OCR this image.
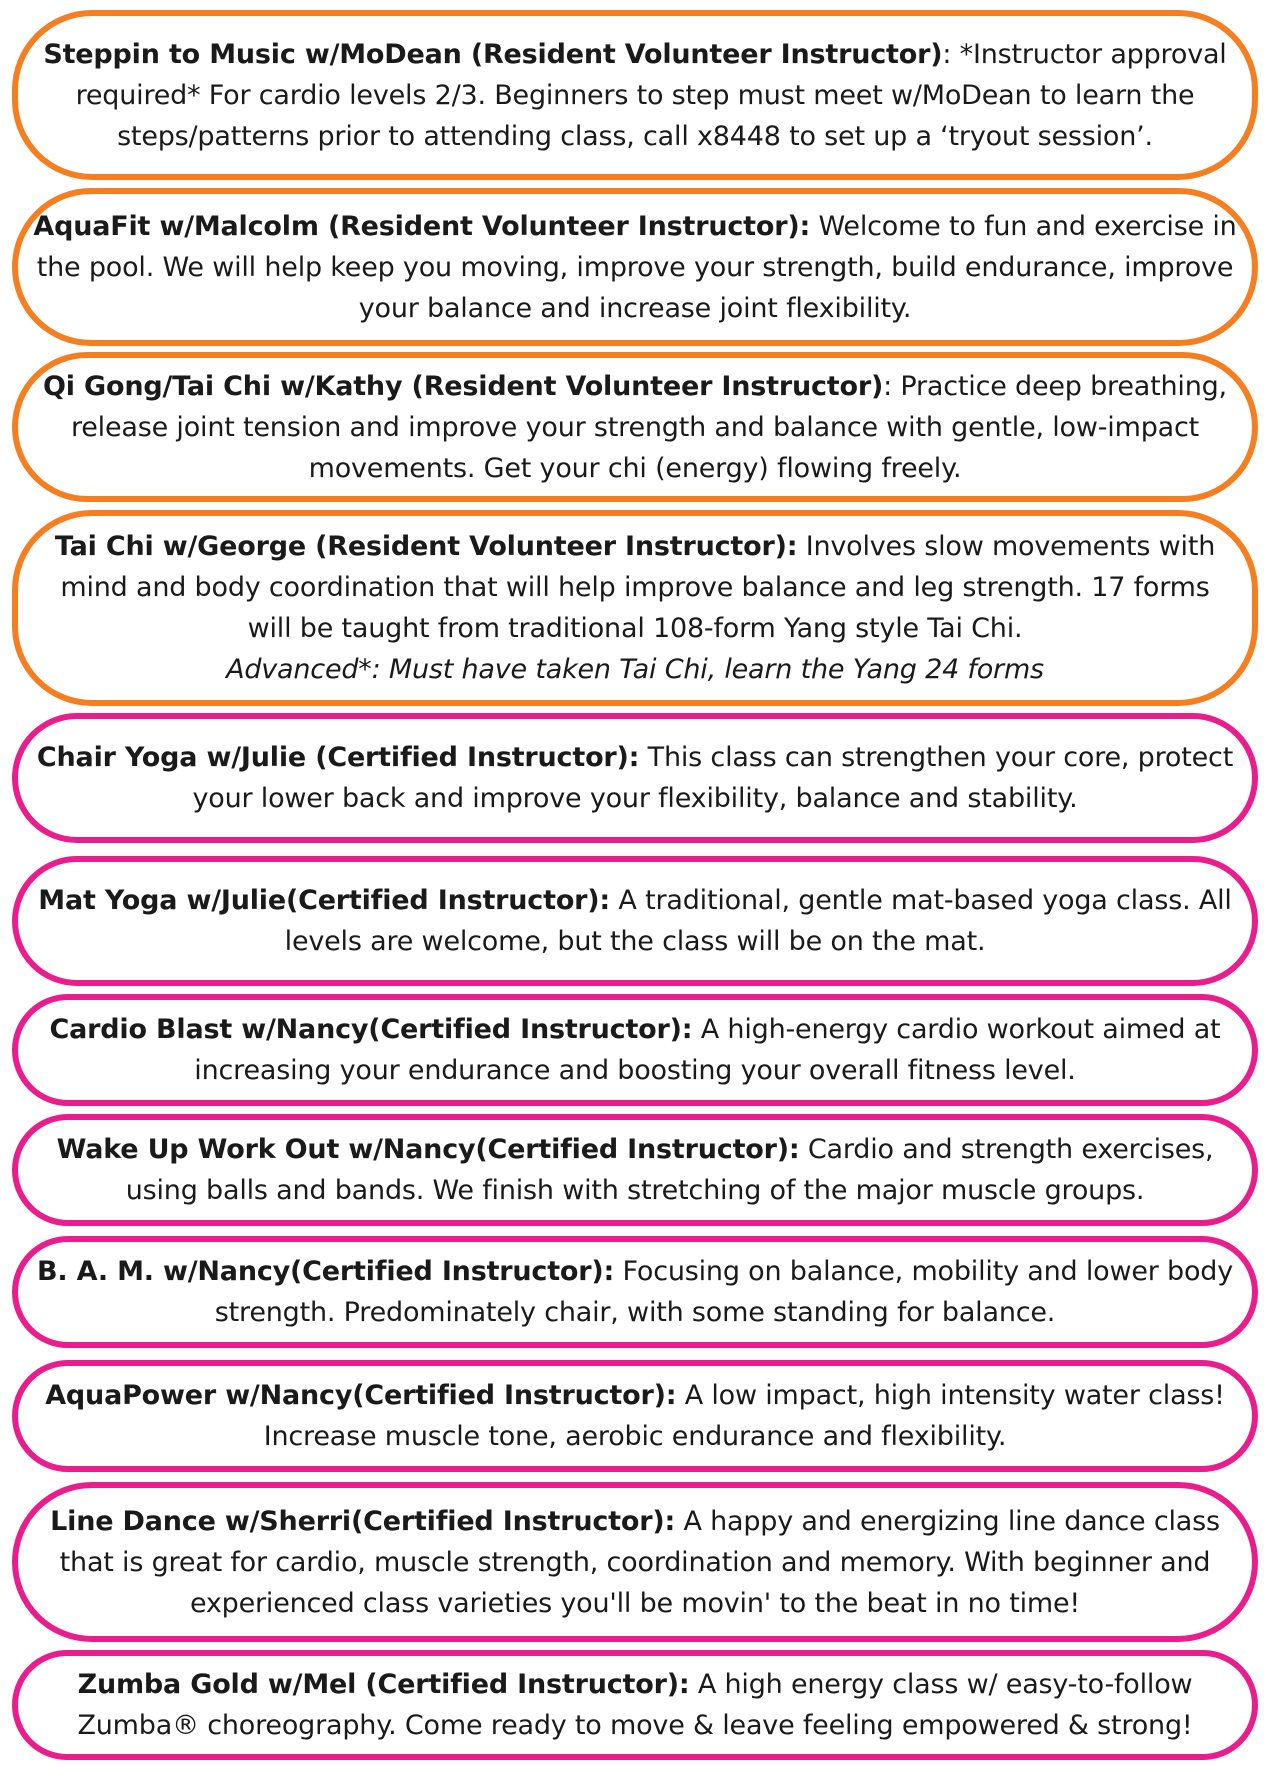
Steppin to Music w/MoDean (Resident Volunteer Instructor): *Instructor approval required* For cardio levels 2/3. Beginners to step must meet w/MoDean to learn the steps/patterns prior to attending class, call x8448 to set up a ‘tryout session’.

AquaFit w/Malcolm (Resident Volunteer Instructor): Welcome to fun and exercise in the pool. We will help keep you moving, improve your strength, build endurance, improve your balance and increase joint flexibility.

Qi Gong/Tai Chi w/Kathy (Resident Volunteer Instructor): Practice deep breathing, release joint tension and improve your strength and balance with gentle, low-impact movements. Get your chi (energy) flowing freely.

Tai Chi w/George (Resident Volunteer Instructor): Involves slow movements with mind and body coordination that will help improve balance and leg strength. 17 forms will be taught from traditional 108-form Yang style Tai Chi.
Advanced*: Must have taken Tai Chi, learn the Yang 24 forms

Chair Yoga w/Julie (Certified Instructor): This class can strengthen your core, protect your lower back and improve your flexibility, balance and stability.

Mat Yoga w/Julie(Certified Instructor): A traditional, gentle mat-based yoga class. All levels are welcome, but the class will be on the mat.

Cardio Blast w/Nancy(Certified Instructor): A high-energy cardio workout aimed at increasing your endurance and boosting your overall fitness level.

Wake Up Work Out w/Nancy(Certified Instructor): Cardio and strength exercises, using balls and bands. We finish with stretching of the major muscle groups.

B. A. M. w/Nancy(Certified Instructor): Focusing on balance, mobility and lower body strength. Predominately chair, with some standing for balance.

AquaPower w/Nancy(Certified Instructor): A low impact, high intensity water class! Increase muscle tone, aerobic endurance and flexibility.

Line Dance w/Sherri(Certified Instructor): A happy and energizing line dance class that is great for cardio, muscle strength, coordination and memory. With beginner and experienced class varieties you'll be movin' to the beat in no time!

Zumba Gold w/Mel (Certified Instructor): A high energy class w/ easy-to-follow Zumba® choreography. Come ready to move & leave feeling empowered & strong!
